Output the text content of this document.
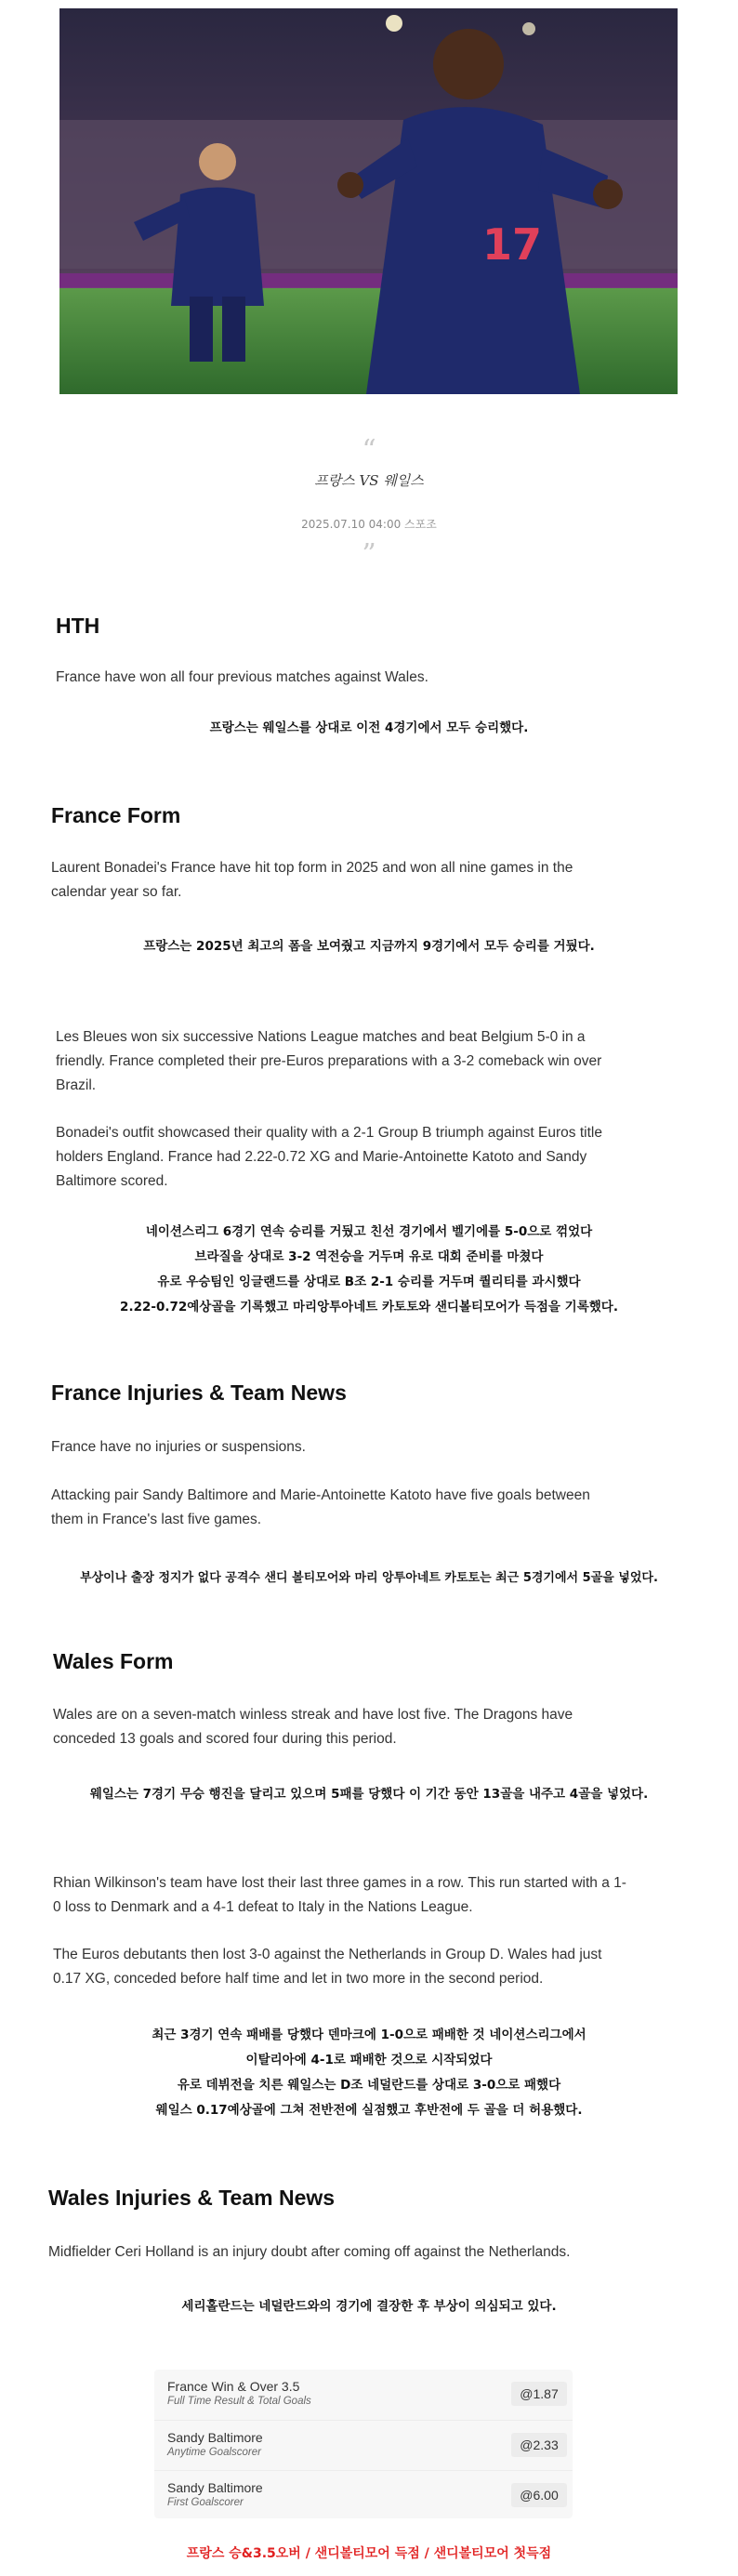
17
“
프랑스 VS 웨일스
2025.07.10 04:00 스포조
”
HTH

France have won all four previous matches against Wales.

프랑스는 웨일스를 상대로 이전 4경기에서 모두 승리했다.

France Form

Laurent Bonadei's France have hit top form in 2025 and won all nine games in the
calendar year so far.

프랑스는 2025년 최고의 폼을 보여줬고 지금까지 9경기에서 모두 승리를 거뒀다.

Les Bleues won six successive Nations League matches and beat Belgium 5-0 in a
friendly. France completed their pre-Euros preparations with a 3-2 comeback win over
Brazil.

Bonadei's outfit showcased their quality with a 2-1 Group B triumph against Euros title
holders England. France had 2.22-0.72 XG and Marie-Antoinette Katoto and Sandy
Baltimore scored.

네이션스리그 6경기 연속 승리를 거뒀고 친선 경기에서 벨기에를 5-0으로 꺾었다
브라질을 상대로 3-2 역전승을 거두며 유로 대회 준비를 마쳤다
유로 우승팀인 잉글랜드를 상대로 B조 2-1 승리를 거두며 퀄리티를 과시했다
2.22-0.72예상골을 기록했고 마리앙투아네트 카토토와 샌디볼티모어가 득점을 기록했다.

France Injuries & Team News

France have no injuries or suspensions.

Attacking pair Sandy Baltimore and Marie-Antoinette Katoto have five goals between
them in France's last five games.

부상이나 출장 정지가 없다 공격수 샌디 볼티모어와 마리 앙투아네트 카토토는 최근 5경기에서 5골을 넣었다.

Wales Form

Wales are on a seven-match winless streak and have lost five. The Dragons have
conceded 13 goals and scored four during this period.

웨일스는 7경기 무승 행진을 달리고 있으며 5패를 당했다 이 기간 동안 13골을 내주고 4골을 넣었다.

Rhian Wilkinson's team have lost their last three games in a row. This run started with a 1-
0 loss to Denmark and a 4-1 defeat to Italy in the Nations League.

The Euros debutants then lost 3-0 against the Netherlands in Group D. Wales had just
0.17 XG, conceded before half time and let in two more in the second period.

최근 3경기 연속 패배를 당했다 덴마크에 1-0으로 패배한 것 네이션스리그에서
이탈리아에 4-1로 패배한 것으로 시작되었다
유로 데뷔전을 치른 웨일스는 D조 네덜란드를 상대로 3-0으로 패했다
웨일스 0.17예상골에 그쳐 전반전에 실점했고 후반전에 두 골을 더 허용했다.

Wales Injuries & Team News

Midfielder Ceri Holland is an injury doubt after coming off against the Netherlands.

세리홀란드는 네덜란드와의 경기에 결장한 후 부상이 의심되고 있다.

France Win & Over 3.5
Full Time Result & Total Goals	@1.87
Sandy Baltimore
Anytime Goalscorer	@2.33
Sandy Baltimore
First Goalscorer	@6.00
프랑스 승&3.5오버 / 샌디볼티모어 득점 / 샌디볼티모어 첫득점
